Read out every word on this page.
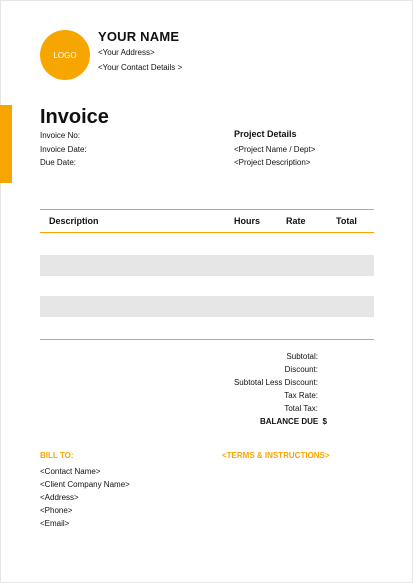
LOGO
YOUR NAME
<Your Address>
<Your Contact Details >
Invoice
Invoice No:
Invoice Date:
Due Date:
Project Details
<Project Name / Dept>
<Project Description>
Description	Hours	Rate	Total
Subtotal:
Discount:
Subtotal Less Discount:
Tax Rate:
Total Tax:
BALANCE DUE $
BILL TO:	<TERMS & INSTRUCTIONS>
<Contact Name>
<Client Company Name>
<Address>
<Phone>
<Email>
